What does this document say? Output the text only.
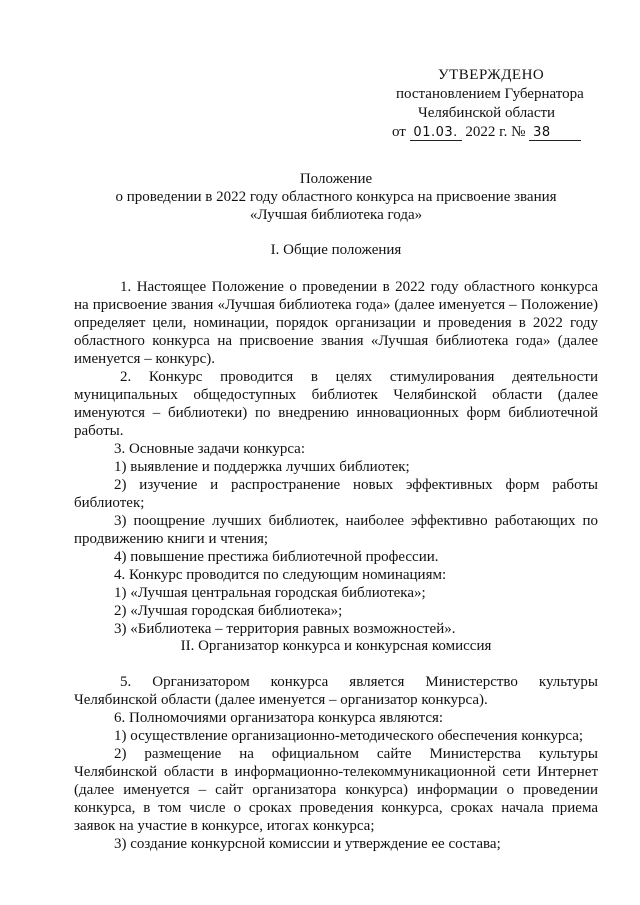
УТВЕРЖДЕНО
постановлением Губернатора
Челябинской области
от 01.03. 2022 г. № 38
Положение
о проведении в 2022 году областного конкурса на присвоение звания
«Лучшая библиотека года»
I. Общие положения

1. Настоящее Положение о проведении в 2022 году областного конкурса на присвоение звания «Лучшая библиотека года» (далее именуется – Положение) определяет цели, номинации, порядок организации и проведения в 2022 году областного конкурса на присвоение звания «Лучшая библиотека года» (далее именуется – конкурс).

2. Конкурс проводится в целях стимулирования деятельности муниципальных общедоступных библиотек Челябинской области (далее именуются – библиотеки) по внедрению инновационных форм библиотечной работы.

3. Основные задачи конкурса:

1) выявление и поддержка лучших библиотек;

2) изучение и распространение новых эффективных форм работы библиотек;

3) поощрение лучших библиотек, наиболее эффективно работающих по продвижению книги и чтения;

4) повышение престижа библиотечной профессии.

4. Конкурс проводится по следующим номинациям:

1) «Лучшая центральная городская библиотека»;

2) «Лучшая городская библиотека»;

3) «Библиотека – территория равных возможностей».

II. Организатор конкурса и конкурсная комиссия

5. Организатором конкурса является Министерство культуры Челябинской области (далее именуется – организатор конкурса).

6. Полномочиями организатора конкурса являются:

1) осуществление организационно-методического обеспечения конкурса;

2) размещение на официальном сайте Министерства культуры Челябинской области в информационно-телекоммуникационной сети Интернет (далее именуется – сайт организатора конкурса) информации о проведении конкурса, в том числе о сроках проведения конкурса, сроках начала приема заявок на участие в конкурсе, итогах конкурса;

3) создание конкурсной комиссии и утверждение ее состава;
